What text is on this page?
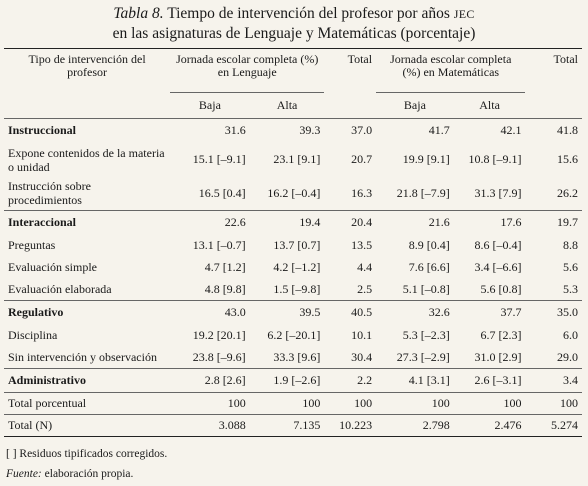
Tabla 8. Tiempo de intervención del profesor por años JEC
en las asignaturas de Lenguaje y Matemáticas (porcentaje)
Tipo de intervención del profesor	Jornada escolar completa (%) en Lenguaje		Total	Jornada escolar completa (%) en Matemáticas		Total
	Baja	Alta		Baja	Alta	
Instruccional	31.6	39.3	37.0	41.7	42.1	41.8
Expone contenidos de la materia o unidad	15.1 [–9.1]	23.1 [9.1]	20.7	19.9 [9.1]	10.8 [–9.1]	15.6
Instrucción sobre procedimientos	16.5 [0.4]	16.2 [–0.4]	16.3	21.8 [–7.9]	31.3 [7.9]	26.2
Interaccional	22.6	19.4	20.4	21.6	17.6	19.7
Preguntas	13.1 [–0.7]	13.7 [0.7]	13.5	8.9 [0.4]	8.6 [–0.4]	8.8
Evaluación simple	4.7 [1.2]	4.2 [–1.2]	4.4	7.6 [6.6]	3.4 [–6.6]	5.6
Evaluación elaborada	4.8 [9.8]	1.5 [–9.8]	2.5	5.1 [–0.8]	5.6 [0.8]	5.3
Regulativo	43.0	39.5	40.5	32.6	37.7	35.0
Disciplina	19.2 [20.1]	6.2 [–20.1]	10.1	5.3 [–2.3]	6.7 [2.3]	6.0
Sin intervención y observación	23.8 [–9.6]	33.3 [9.6]	30.4	27.3 [–2.9]	31.0 [2.9]	29.0
Administrativo	2.8 [2.6]	1.9 [–2.6]	2.2	4.1 [3.1]	2.6 [–3.1]	3.4
Total porcentual	100	100	100	100	100	100
Total (N)	3.088	7.135	10.223	2.798	2.476	5.274
[ ] Residuos tipificados corregidos.
Fuente: elaboración propia.
